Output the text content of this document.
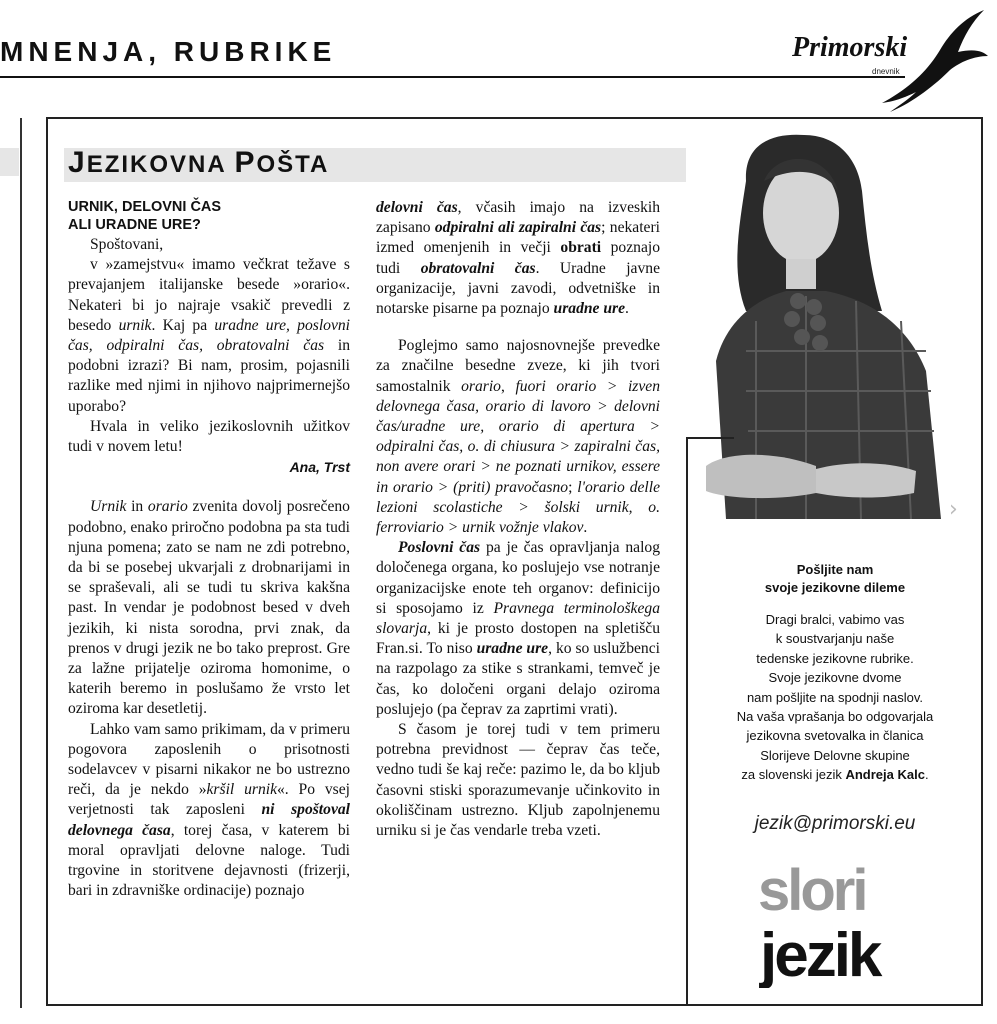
MNENJA, RUBRIKE	Primorski
dnevnik
JEZIKOVNA POŠTA
URNIK, DELOVNI ČAS
ALI URADNE URE?

Spoštovani,

v »zamejstvu« imamo večkrat težave s prevajanjem italijanske besede »orario«. Nekateri bi jo najraje vsakič prevedli z besedo urnik. Kaj pa uradne ure, poslovni čas, odpiralni čas, obratovalni čas in podobni izrazi? Bi nam, prosim, pojasnili razlike med njimi in njihovo najprimernejšo uporabo?

Hvala in veliko jezikoslovnih užitkov tudi v novem letu!

Ana, Trst

Urnik in orario zvenita dovolj posrečeno podobno, enako priročno podobna pa sta tudi njuna pomena; zato se nam ne zdi potrebno, da bi se posebej ukvarjali z drobnarijami in se spraševali, ali se tudi tu skriva kakšna past. In vendar je podobnost besed v dveh jezikih, ki nista sorodna, prvi znak, da prenos v drugi jezik ne bo tako preprost. Gre za lažne prijatelje oziroma homonime, o katerih beremo in poslušamo že vrsto let oziroma kar desetletij.

Lahko vam samo prikimam, da v primeru pogovora zaposlenih o prisotnosti sodelavcev v pisarni nikakor ne bo ustrezno reči, da je nekdo »kršil urnik«. Po vsej verjetnosti tak zaposleni ni spoštoval delovnega časa, torej časa, v katerem bi moral opravljati delovne naloge. Tudi trgovine in storitvene dejavnosti (frizerji, bari in zdravniške ordinacije) poznajo

delovni čas, včasih imajo na izveskih zapisano odpiralni ali zapiralni čas; nekateri izmed omenjenih in večji obrati poznajo tudi obratovalni čas. Uradne javne organizacije, javni zavodi, odvetniške in notarske pisarne pa poznajo uradne ure.

Poglejmo samo najosnovnejše prevedke za značilne besedne zveze, ki jih tvori samostalnik orario, fuori orario > izven delovnega časa, orario di lavoro > delovni čas/uradne ure, orario di apertura > odpiralni čas, o. di chiusura > zapiralni čas, non avere orari > ne poznati urnikov, essere in orario > (priti) pravočasno; l'orario delle lezioni scolastiche > šolski urnik, o. ferroviario > urnik vožnje vlakov.

Poslovni čas pa je čas opravljanja nalog določenega organa, ko poslujejo vse notranje organizacijske enote teh organov: definicijo si sposojamo iz Pravnega terminološkega slovarja, ki je prosto dostopen na spletišču Fran.si. To niso uradne ure, ko so uslužbenci na razpolago za stike s strankami, temveč je čas, ko določeni organi delajo oziroma poslujejo (pa čeprav za zaprtimi vrati).

S časom je torej tudi v tem primeru potrebna previdnost — čeprav čas teče, vedno tudi še kaj reče: pazimo le, da bo kljub časovni stiski sporazumevanje učinkovito in okoliščinam ustrezno. Kljub zapolnjenemu urniku si je čas vendarle treba vzeti.

›
Pošljite nam
svoje jezikovne dileme
Dragi bralci, vabimo vas
k soustvarjanju naše
tedenske jezikovne rubrike.
Svoje jezikovne dvome
nam pošljite na spodnji naslov.
Na vaša vprašanja bo odgovarjala
jezikovna svetovalka in članica
Slorijeve Delovne skupine
za slovenski jezik Andreja Kalc.
jezik@primorski.eu
slori
jezik
